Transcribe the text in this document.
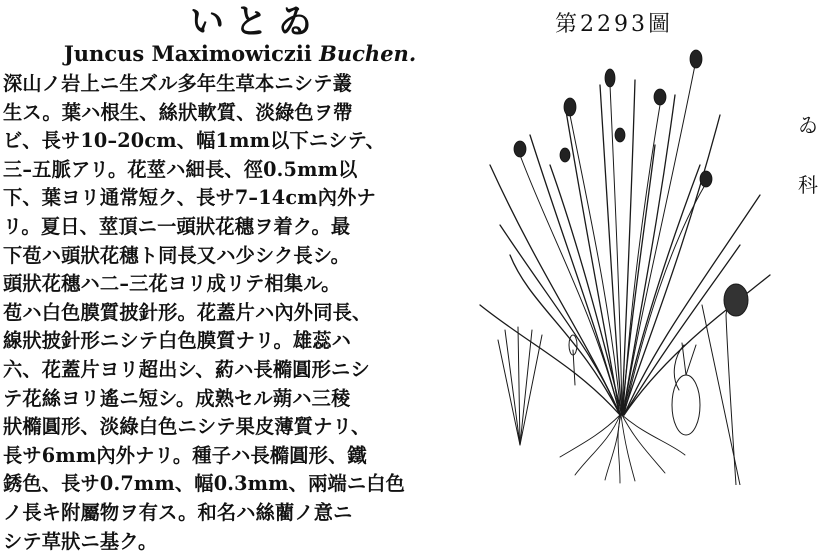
いとゐ
Juncus Maximowiczii Buchen.
深山ノ岩上ニ生ズル多年生草本ニシテ叢
生ス。葉ハ根生、絲狀軟質、淡綠色ヲ帶
ビ、長サ10–20cm、幅1mm以下ニシテ、
三–五脈アリ。花莖ハ細長、徑0.5mm以
下、葉ヨリ通常短ク、長サ7–14cm內外ナ
リ。夏日、莖頂ニ一頭狀花穗ヲ着ク。最
下苞ハ頭狀花穗ト同長又ハ少シク長シ。
頭狀花穗ハ二–三花ヨリ成リテ相集ル。
苞ハ白色膜質披針形。花蓋片ハ內外同長、
線狀披針形ニシテ白色膜質ナリ。雄蕊ハ
六、花蓋片ヨリ超出シ、葯ハ長橢圓形ニシ
テ花絲ヨリ遙ニ短シ。成熟セル蒴ハ三稜
狀橢圓形、淡綠白色ニシテ果皮薄質ナリ、
長サ6mm內外ナリ。種子ハ長橢圓形、鐵
銹色、長サ0.7mm、幅0.3mm、兩端ニ白色
ノ長キ附屬物ヲ有ス。和名ハ絲藺ノ意ニ
シテ草狀ニ基ク。
第2293圖
ゐ
科
